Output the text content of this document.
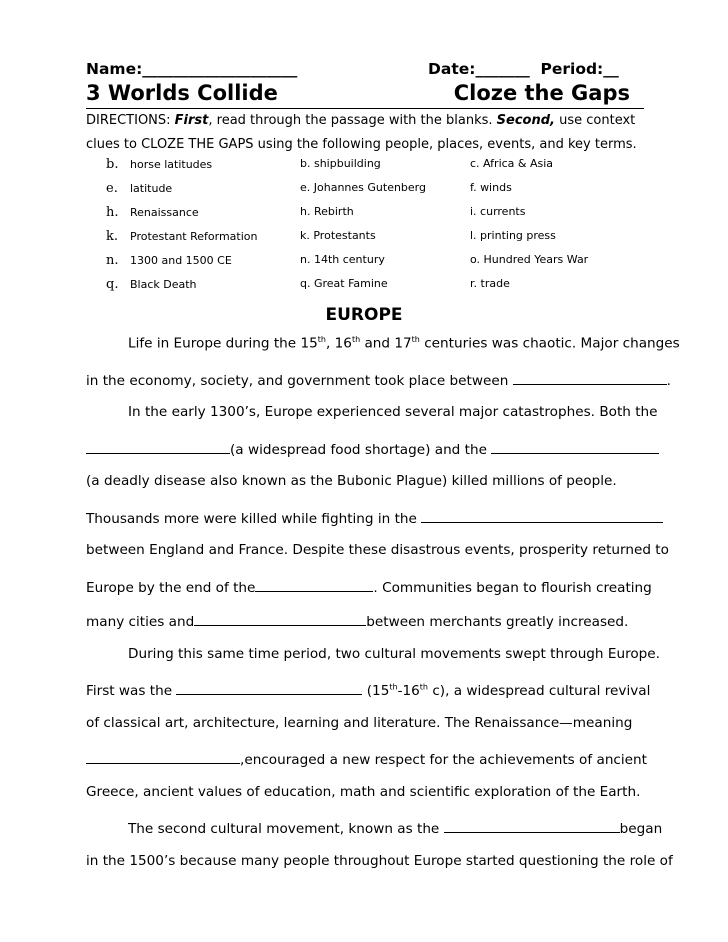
Name:____________________	Date:_______  Period:__
3 Worlds Collide	Cloze the Gaps
DIRECTIONS: First, read through the passage with the blanks. Second, use context clues to CLOZE THE GAPS using the following people, places, events, and key terms.
b. horse latitudes	b. shipbuilding	c. Africa & Asia
e. latitude	e. Johannes Gutenberg	f. winds
h. Renaissance	h. Rebirth	i. currents
k. Protestant Reformation	k. Protestants	l. printing press
n. 1300 and 1500 CE	n. 14th century	o. Hundred Years War
q. Black Death	q. Great Famine	r. trade
EUROPE
Life in Europe during the 15th, 16th and 17th centuries was chaotic. Major changes
in the economy, society, and government took place between	.
In the early 1300’s, Europe experienced several major catastrophes. Both the
(a widespread food shortage) and the
(a deadly disease also known as the Bubonic Plague) killed millions of people.
Thousands more were killed while fighting in the
between England and France. Despite these disastrous events, prosperity returned to
Europe by the end of the	. Communities began to flourish creating
many cities and	between merchants greatly increased.
During this same time period, two cultural movements swept through Europe.
First was the	(15th-16th c), a widespread cultural revival
of classical art, architecture, learning and literature. The Renaissance—meaning
,encouraged a new respect for the achievements of ancient
Greece, ancient values of education, math and scientific exploration of the Earth.
The second cultural movement, known as the	began
in the 1500’s because many people throughout Europe started questioning the role of
